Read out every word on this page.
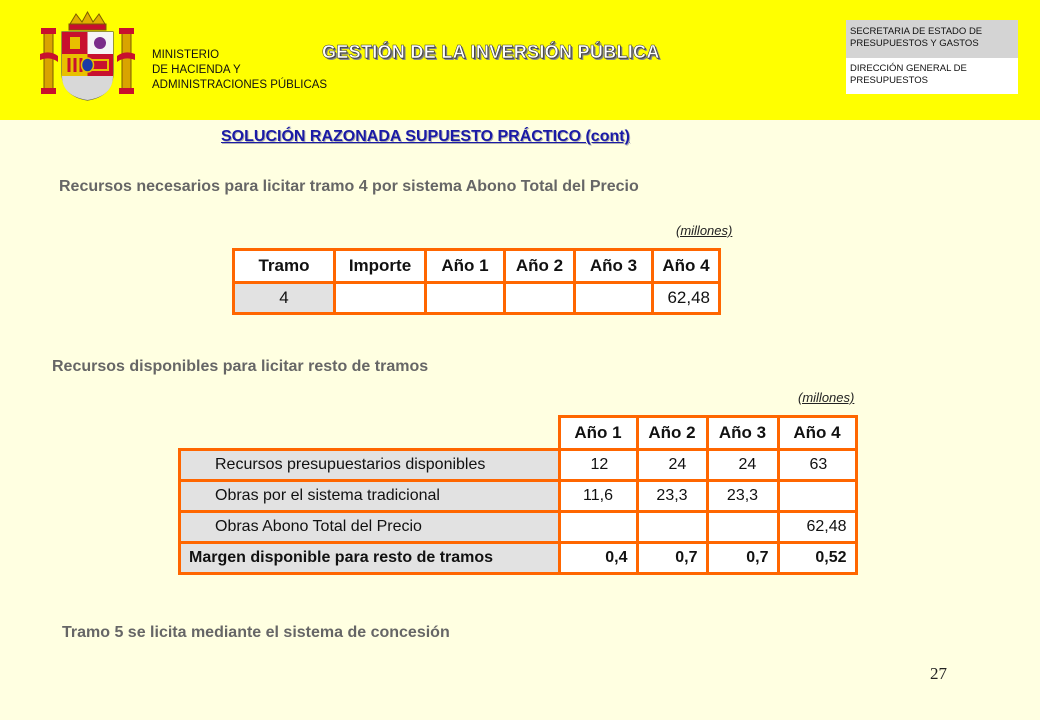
MINISTERIO
DE HACIENDA Y
ADMINISTRACIONES PÚBLICAS
GESTIÓN DE LA INVERSIÓN PÚBLICA
SECRETARIA DE ESTADO DE
PRESUPUESTOS Y GASTOS
DIRECCIÓN GENERAL DE
PRESUPUESTOS
SOLUCIÓN RAZONADA SUPUESTO PRÁCTICO (cont)
Recursos necesarios para licitar tramo 4 por sistema Abono Total del Precio
(millones)
Tramo	Importe	Año 1	Año 2	Año 3	Año 4
4					62,48
Recursos disponibles para licitar resto de tramos
(millones)
	Año 1	Año 2	Año 3	Año 4
Recursos presupuestarios disponibles	12	24	24	63
Obras por el sistema tradicional	11,6	23,3	23,3	
Obras Abono Total del Precio				62,48
Margen disponible para resto de tramos	0,4	0,7	0,7	0,52
Tramo 5 se licita mediante el sistema de concesión
27
